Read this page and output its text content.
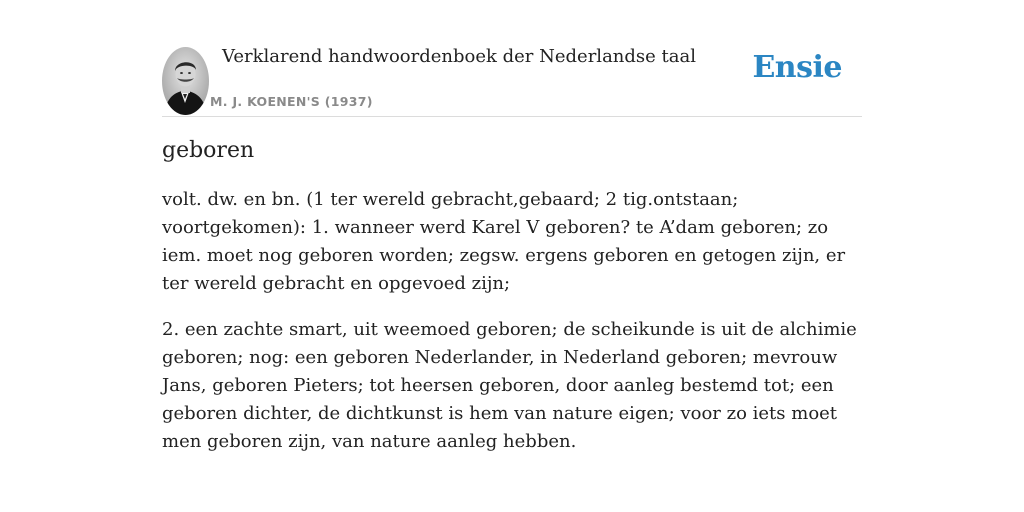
Verklarend handwoordenboek der Nederlandse taal
M. J. KOENEN'S (1937)
Ensie
geboren

volt. dw. en bn. (1 ter wereld gebracht,gebaard; 2 tig.ontstaan; voortgekomen): 1. wanneer werd Karel V geboren? te A’dam geboren; zo iem. moet nog geboren worden; zegsw. ergens geboren en getogen zijn, er ter wereld gebracht en opgevoed zijn;

2. een zachte smart, uit weemoed geboren; de scheikunde is uit de alchimie geboren; nog: een geboren Nederlander, in Nederland geboren; mevrouw Jans, geboren Pieters; tot heersen geboren, door aanleg bestemd tot; een geboren dichter, de dichtkunst is hem van nature eigen; voor zo iets moet men geboren zijn, van nature aanleg hebben.
